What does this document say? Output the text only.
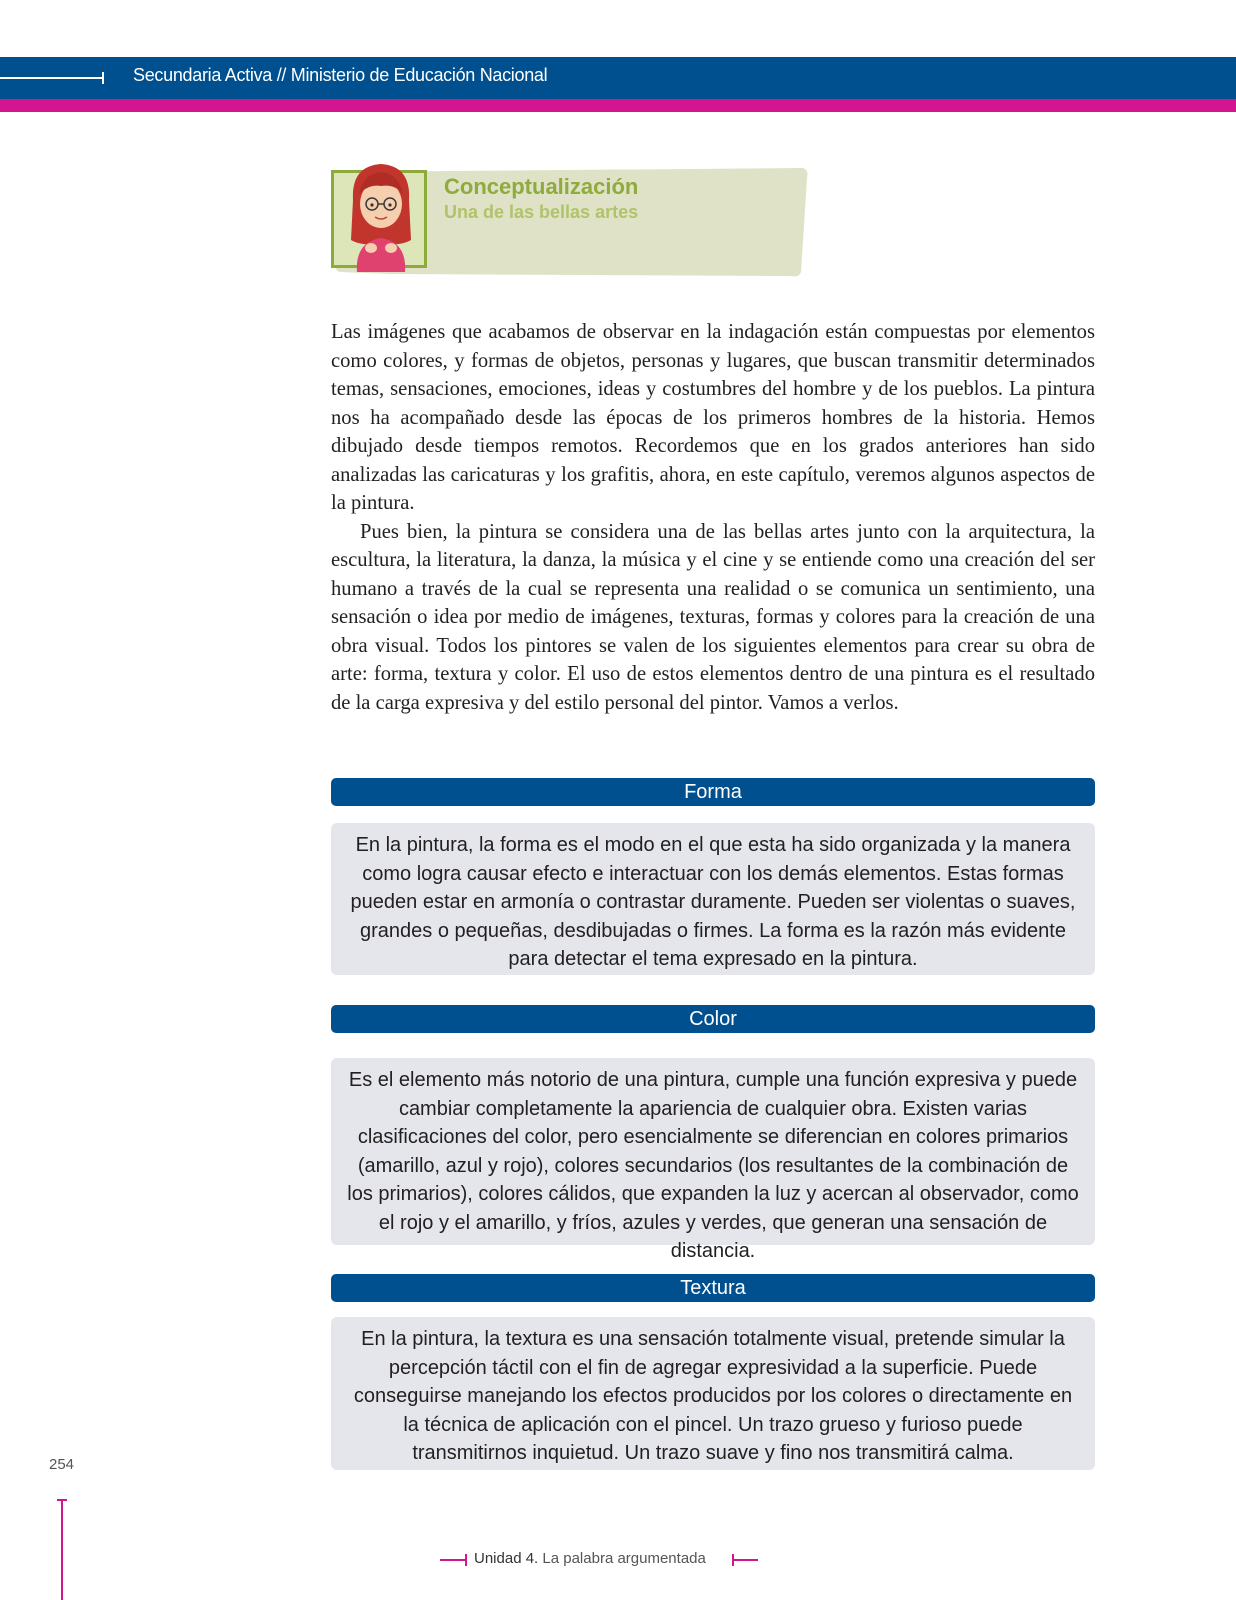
Secundaria Activa // Ministerio de Educación Nacional
Conceptualización
Una de las bellas artes

Las imágenes que acabamos de observar en la indagación están compuestas por elementos como colores, y formas de objetos, personas y lugares, que buscan transmitir determinados temas, sensaciones, emociones, ideas y costumbres del hombre y de los pueblos. La pintura nos ha acompañado desde las épocas de los primeros hombres de la historia. Hemos dibujado desde tiempos remotos. Recordemos que en los grados anteriores han sido analizadas las caricaturas y los grafitis, ahora, en este capítulo, veremos algunos aspectos de la pintura.

Pues bien, la pintura se considera una de las bellas artes junto con la arquitectura, la escultura, la literatura, la danza, la música y el cine y se entiende como una creación del ser humano a través de la cual se representa una realidad o se comunica un sentimiento, una sensación o idea por medio de imágenes, texturas, formas y colores para la creación de una obra visual. Todos los pintores se valen de los siguientes elementos para crear su obra de arte: forma, textura y color. El uso de estos elementos dentro de una pintura es el resultado de la carga expresiva y del estilo personal del pintor. Vamos a verlos.

Forma
En la pintura, la forma es el modo en el que esta ha sido organizada y la manera como logra causar efecto e interactuar con los demás elementos. Estas formas pueden estar en armonía o contrastar duramente. Pueden ser violentas o suaves, grandes o pequeñas, desdibujadas o firmes. La forma es la razón más evidente para detectar el tema expresado en la pintura.
Color
Es el elemento más notorio de una pintura, cumple una función expresiva y puede cambiar completamente la apariencia de cualquier obra. Existen varias clasificaciones del color, pero esencialmente se diferencian en colores primarios (amarillo, azul y rojo), colores secundarios (los resultantes de la combinación de los primarios), colores cálidos, que expanden la luz y acercan al observador, como el rojo y el amarillo, y fríos, azules y verdes, que generan una sensación de distancia.
Textura
En la pintura, la textura es una sensación totalmente visual, pretende simular la percepción táctil con el fin de agregar expresividad a la superficie. Puede conseguirse manejando los efectos producidos por los colores o directamente en la técnica de aplicación con el pincel. Un trazo grueso y furioso puede transmitirnos inquietud. Un trazo suave y fino nos transmitirá calma.
254
Unidad 4. La palabra argumentada
